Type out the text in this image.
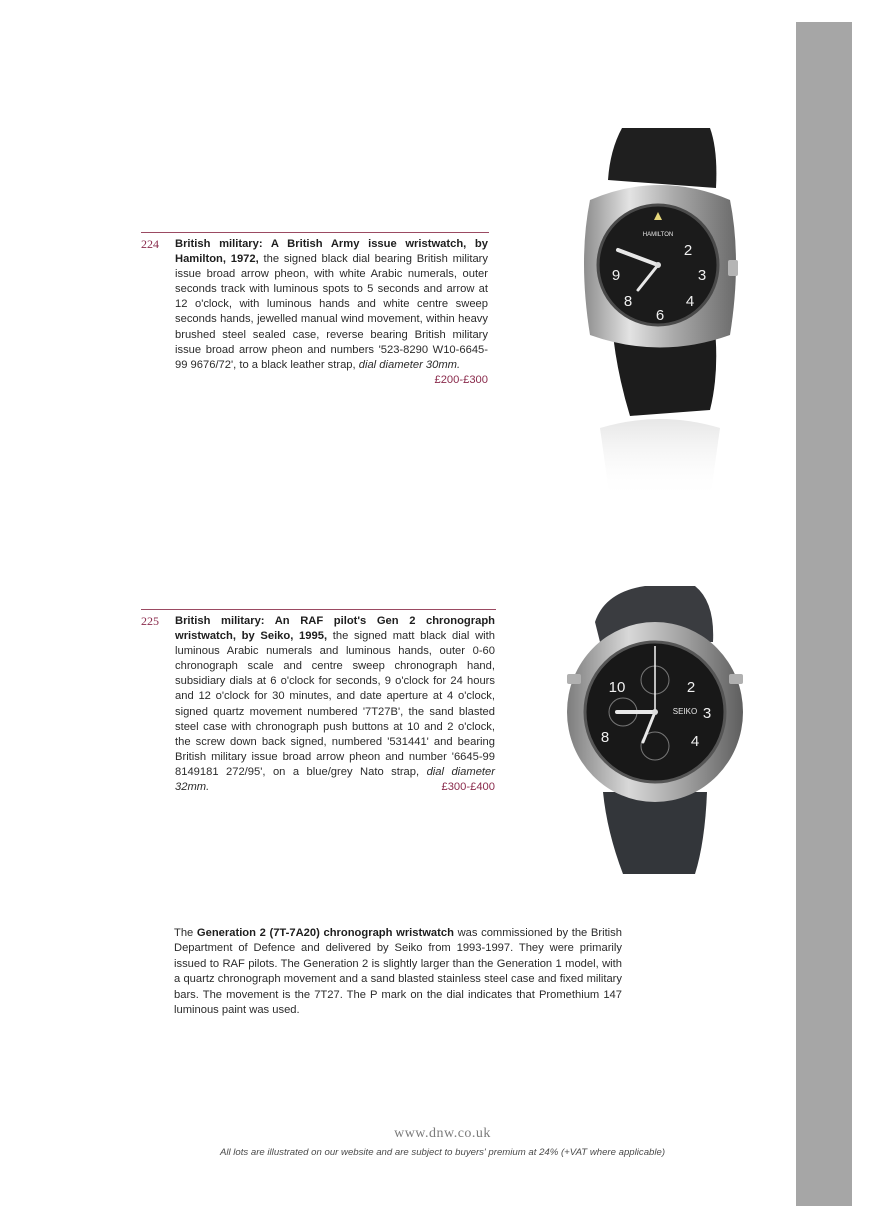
224 British military: A British Army issue wristwatch, by Hamilton, 1972, the signed black dial bearing British military issue broad arrow pheon, with white Arabic numerals, outer seconds track with luminous spots to 5 seconds and arrow at 12 o'clock, with luminous hands and white centre sweep seconds hands, jewelled manual wind movement, within heavy brushed steel sealed case, reverse bearing British military issue broad arrow pheon and numbers '523-8290 W10-6645-99 9676/72', to a black leather strap, dial diameter 30mm.
£200-£300
2
3
4
6
8
9
HAMILTON
225 British military: An RAF pilot's Gen 2 chronograph wristwatch, by Seiko, 1995, the signed matt black dial with luminous Arabic numerals and luminous hands, outer 0-60 chronograph scale and centre sweep chronograph hand, subsidiary dials at 6 o'clock for seconds, 9 o'clock for 24 hours and 12 o'clock for 30 minutes, and date aperture at 4 o'clock, signed quartz movement numbered '7T27B', the sand blasted steel case with chronograph push buttons at 10 and 2 o'clock, the screw down back signed, numbered '531441' and bearing British military issue broad arrow pheon and number '6645-99 8149181 272/95', on a blue/grey Nato strap, dial diameter 32mm.	£300-£400
2
3
4
10
8
SEIKO
The Generation 2 (7T-7A20) chronograph wristwatch was commissioned by the British Department of Defence and delivered by Seiko from 1993-1997. They were primarily issued to RAF pilots. The Generation 2 is slightly larger than the Generation 1 model, with a quartz chronograph movement and a sand blasted stainless steel case and fixed military bars. The movement is the 7T27. The P mark on the dial indicates that Promethium 147 luminous paint was used.
www.dnw.co.uk
All lots are illustrated on our website and are subject to buyers' premium at 24% (+VAT where applicable)
